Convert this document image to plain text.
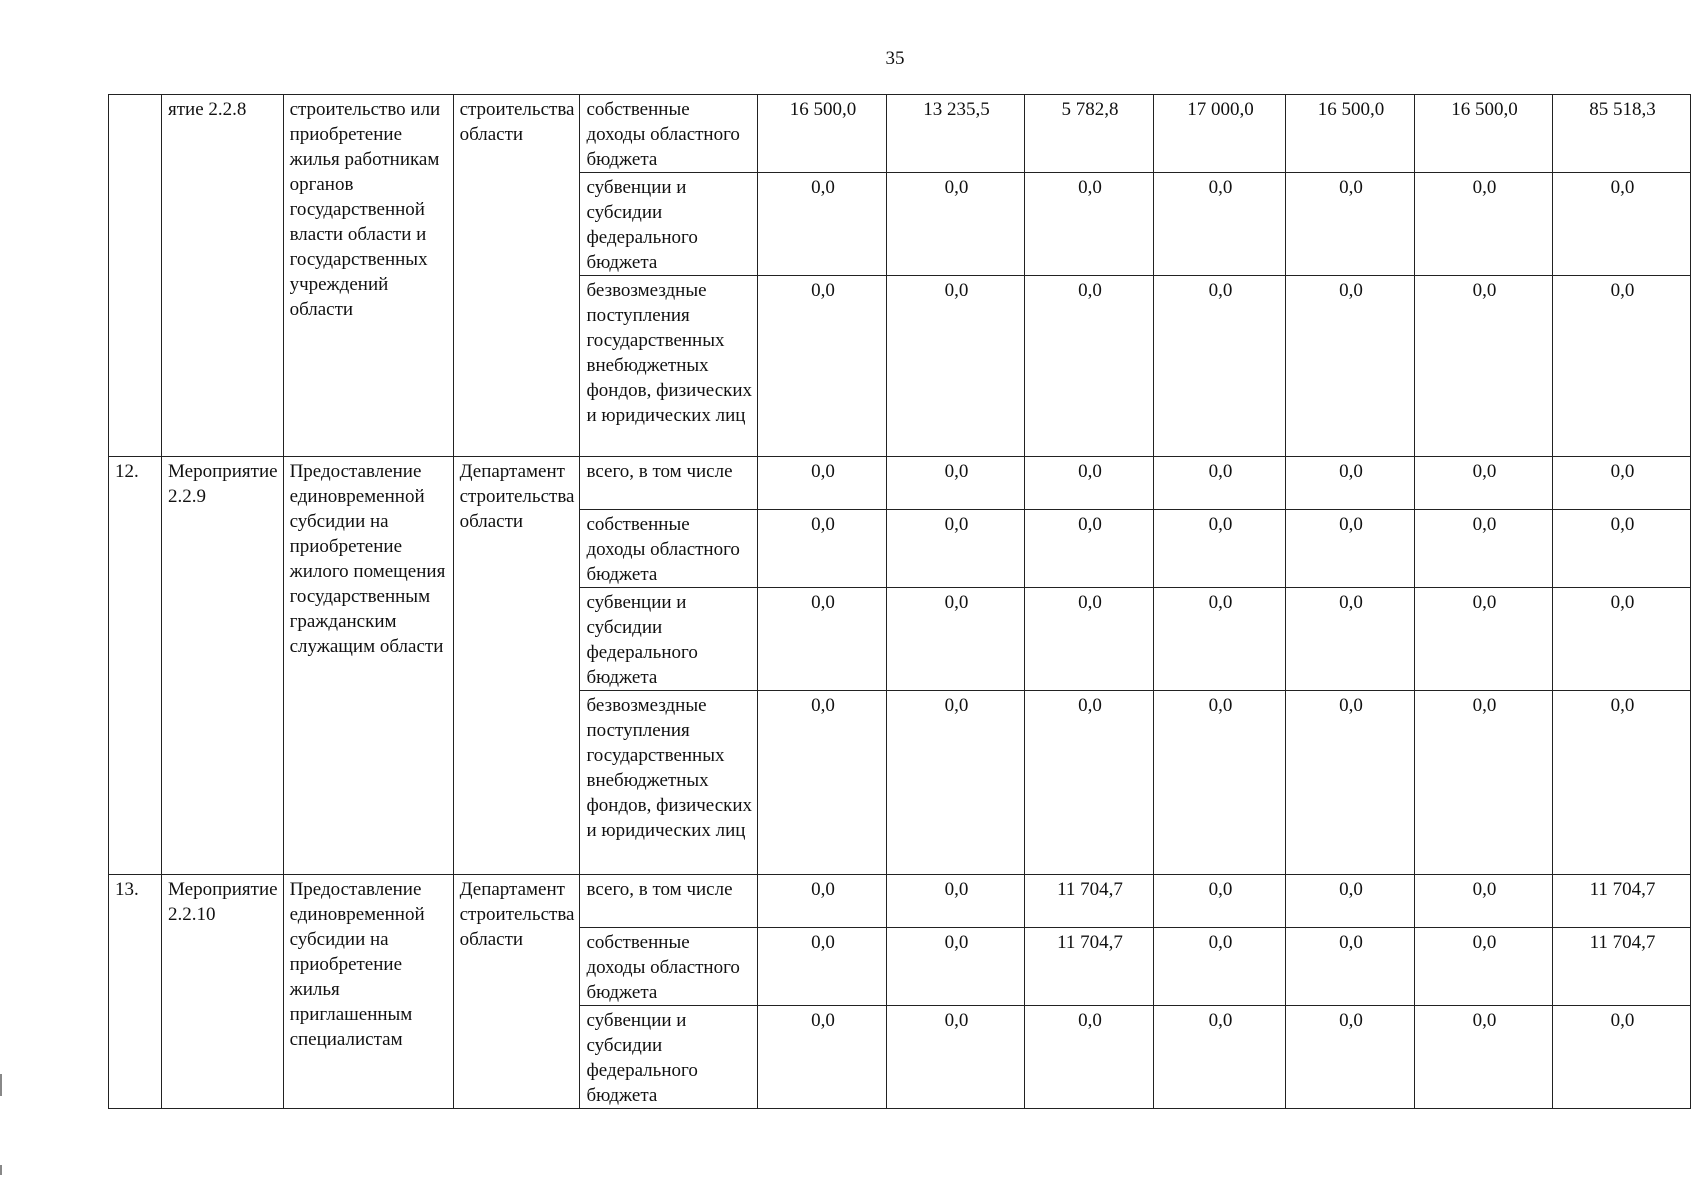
35
	ятие 2.2.8	строительство или приобретение жилья работникам органов государственной власти области и государственных учреждений области	строительства области	собственные доходы областного бюджета	16 500,0	13 235,5	5 782,8	17 000,0	16 500,0	16 500,0	85 518,3
				субвенции и субсидии федерального бюджета	0,0	0,0	0,0	0,0	0,0	0,0	0,0
				безвозмездные поступления государственных внебюджетных фондов, физических и юридических лиц	0,0	0,0	0,0	0,0	0,0	0,0	0,0
12.	Мероприятие 2.2.9	Предоставление единовременной субсидии на приобретение жилого помещения государственным гражданским служащим области	Департамент строительства области	всего, в том числе	0,0	0,0	0,0	0,0	0,0	0,0	0,0
				собственные доходы областного бюджета	0,0	0,0	0,0	0,0	0,0	0,0	0,0
				субвенции и субсидии федерального бюджета	0,0	0,0	0,0	0,0	0,0	0,0	0,0
				безвозмездные поступления государственных внебюджетных фондов, физических и юридических лиц	0,0	0,0	0,0	0,0	0,0	0,0	0,0
13.	Мероприятие 2.2.10	Предоставление единовременной субсидии на приобретение жилья приглашенным специалистам	Департамент строительства области	всего, в том числе	0,0	0,0	11 704,7	0,0	0,0	0,0	11 704,7
				собственные доходы областного бюджета	0,0	0,0	11 704,7	0,0	0,0	0,0	11 704,7
				субвенции и субсидии федерального бюджета	0,0	0,0	0,0	0,0	0,0	0,0	0,0
